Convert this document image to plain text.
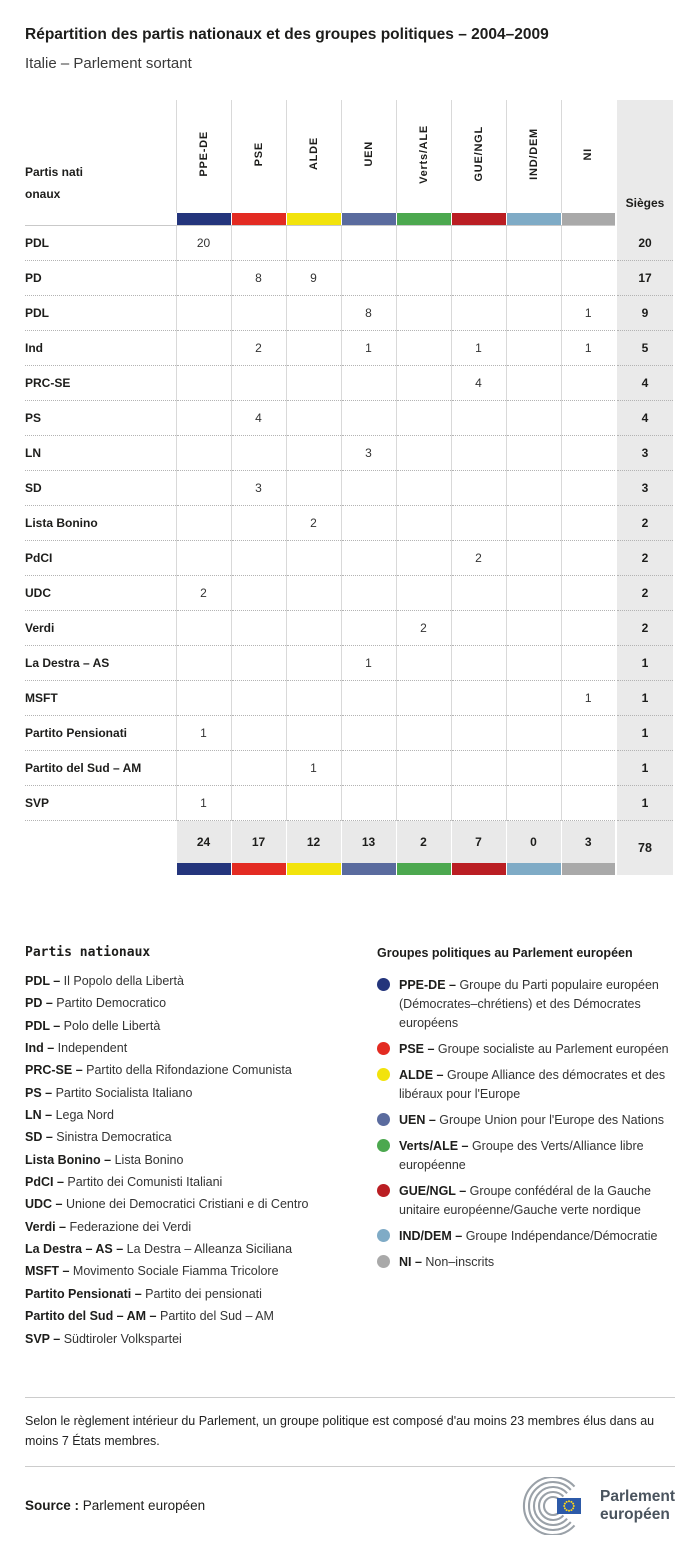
Répartition des partis nationaux et des groupes politiques – 2004–2009
Italie – Parlement sortant
Partis nationaux	PPE-DE	PSE	ALDE	UEN	Verts/ALE	GUE/NGL	IND/DEM	NI	Sièges

PDL	20								20
PD		8	9						17
PDL				8				1	9
Ind		2		1		1		1	5
PRC-SE						4			4
PS		4							4
LN				3					3
SD		3							3
Lista Bonino			2						2
PdCI						2			2
UDC	2								2
Verdi					2				2
La Destra – AS				1					1
MSFT								1	1
Partito Pensionati	1								1
Partito del Sud – AM			1						1
SVP	1								1
	24	17	12	13	2	7	0	3	78

Partis nationaux
PDL – Il Popolo della Libertà
PD – Partito Democratico
PDL – Polo delle Libertà
Ind – Independent
PRC-SE – Partito della Rifondazione Comunista
PS – Partito Socialista Italiano
LN – Lega Nord
SD – Sinistra Democratica
Lista Bonino – Lista Bonino
PdCI – Partito dei Comunisti Italiani
UDC – Unione dei Democratici Cristiani e di Centro
Verdi – Federazione dei Verdi
La Destra – AS – La Destra – Alleanza Siciliana
MSFT – Movimento Sociale Fiamma Tricolore
Partito Pensionati – Partito dei pensionati
Partito del Sud – AM – Partito del Sud – AM
SVP – Südtiroler Volkspartei
Groupes politiques au Parlement européen
PPE-DE – Groupe du Parti populaire européen (Démocrates–chrétiens) et des Démocrates européens
PSE – Groupe socialiste au Parlement européen
ALDE – Groupe Alliance des démocrates et des libéraux pour l'Europe
UEN – Groupe Union pour l'Europe des Nations
Verts/ALE – Groupe des Verts/Alliance libre européenne
GUE/NGL – Groupe confédéral de la Gauche unitaire européenne/Gauche verte nordique
IND/DEM – Groupe Indépendance/Démocratie
NI – Non–inscrits

Selon le règlement intérieur du Parlement, un groupe politique est composé d'au moins 23 membres élus dans au moins 7 États membres.

Source : Parlement européen
Parlement
européen
